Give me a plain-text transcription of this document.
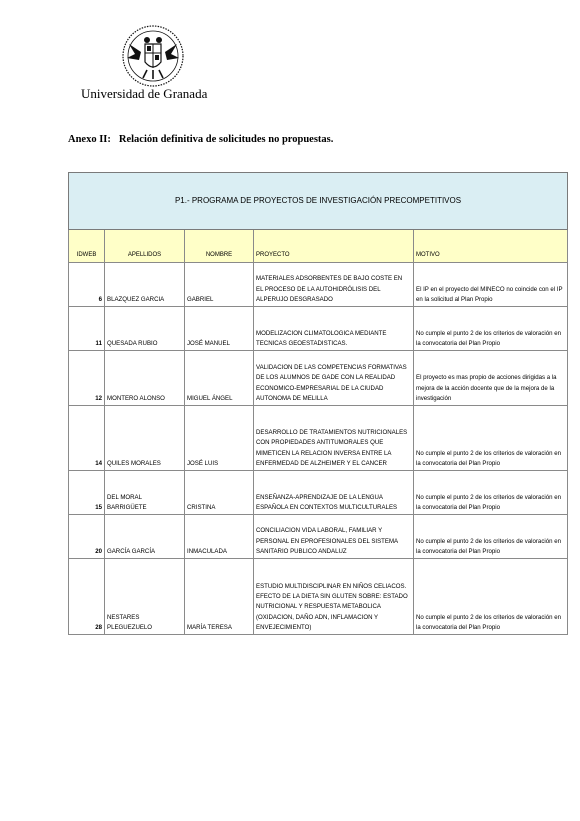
Universidad de Granada
Anexo II: Relación definitiva de solicitudes no propuestas.
P1.- PROGRAMA DE PROYECTOS DE INVESTIGACIÓN PRECOMPETITIVOS				
IDWEB	APELLIDOS	NOMBRE	PROYECTO	MOTIVO
6	BLAZQUEZ GARCIA	GABRIEL	MATERIALES ADSORBENTES DE BAJO COSTE EN EL PROCESO DE LA AUTOHIDRÓLISIS DEL ALPERUJO DESGRASADO	El IP en el proyecto del MINECO no coincide con el IP en la solicitud al Plan Propio
11	QUESADA RUBIO	JOSÉ MANUEL	MODELIZACION CLIMATOLOGICA MEDIANTE TECNICAS GEOESTADISTICAS.	No cumple el punto 2 de los criterios de valoración en la convocatoria del Plan Propio
12	MONTERO ALONSO	MIGUEL ÁNGEL	VALIDACION DE LAS COMPETENCIAS FORMATIVAS DE LOS ALUMNOS DE GADE CON LA REALIDAD ECONOMICO-EMPRESARIAL DE LA CIUDAD AUTONOMA DE MELILLA	El proyecto es mas propio de acciones dirigidas a la mejora de la acción docente que de la mejora de la investigación
14	QUILES MORALES	JOSÉ LUIS	DESARROLLO DE TRATAMIENTOS NUTRICIONALES CON PROPIEDADES ANTITUMORALES QUE MIMETICEN LA RELACION INVERSA ENTRE LA ENFERMEDAD DE ALZHEIMER Y EL CANCER	No cumple el punto 2 de los criterios de valoración en la convocatoria del Plan Propio
15	DEL MORAL BARRIGÜETE	CRISTINA	ENSEÑANZA-APRENDIZAJE DE LA LENGUA ESPAÑOLA EN CONTEXTOS MULTICULTURALES	No cumple el punto 2 de los criterios de valoración en la convocatoria del Plan Propio
20	GARCÍA GARCÍA	INMACULADA	CONCILIACION VIDA LABORAL, FAMILIAR Y PERSONAL EN EPROFESIONALES DEL SISTEMA SANITARIO PUBLICO ANDALUZ	No cumple el punto 2 de los criterios de valoración en la convocatoria del Plan Propio
28	NESTARES PLEGUEZUELO	MARÍA TERESA	ESTUDIO MULTIDISCIPLINAR EN NIÑOS CELIACOS. EFECTO DE LA DIETA SIN GLUTEN SOBRE: ESTADO NUTRICIONAL Y RESPUESTA METABOLICA (OXIDACION, DAÑO ADN, INFLAMACION Y ENVEJECIMIENTO)	No cumple el punto 2 de los criterios de valoración en la convocatoria del Plan Propio
